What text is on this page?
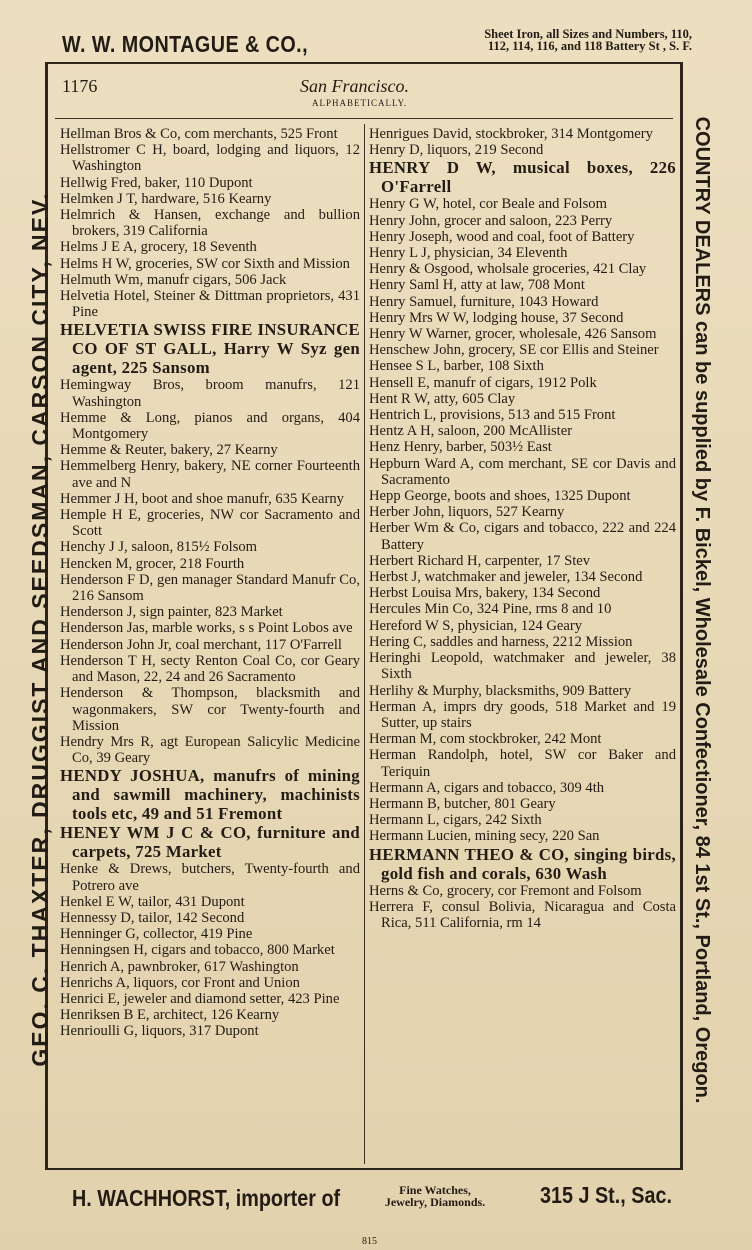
W. W. MONTAGUE & CO.,	Sheet Iron, all Sizes and Numbers, 110,
112, 114, 116, and 118 Battery St , S. F.
GEO. C. THAXTER, DRUGGIST AND SEEDSMAN, CARSON CITY, NEV.	COUNTRY DEALERS can be supplied by F. Bickel, Wholesale Confectioner, 84 1st St., Portland, Oregon.
1176	San Francisco.
ALPHABETICALLY.

Hellman Bros & Co, com merchants, 525 Front

Hellstromer C H, board, lodging and liquors, 12 Washington

Hellwig Fred, baker, 110 Dupont

Helmken J T, hardware, 516 Kearny

Helmrich & Hansen, exchange and bullion brokers, 319 California

Helms J E A, grocery, 18 Seventh

Helms H W, groceries, SW cor Sixth and Mission

Helmuth Wm, manufr cigars, 506 Jack

Helvetia Hotel, Steiner & Dittman proprietors, 431 Pine

HELVETIA SWISS FIRE INSURANCE CO OF ST GALL, Harry W Syz gen agent, 225 Sansom

Hemingway Bros, broom manufrs, 121 Washington

Hemme & Long, pianos and organs, 404 Montgomery

Hemme & Reuter, bakery, 27 Kearny

Hemmelberg Henry, bakery, NE corner Fourteenth ave and N

Hemmer J H, boot and shoe manufr, 635 Kearny

Hemple H E, groceries, NW cor Sacramento and Scott

Henchy J J, saloon, 815½ Folsom

Hencken M, grocer, 218 Fourth

Henderson F D, gen manager Standard Manufr Co, 216 Sansom

Henderson J, sign painter, 823 Market

Henderson Jas, marble works, s s Point Lobos ave

Henderson John Jr, coal merchant, 117 O'Farrell

Henderson T H, secty Renton Coal Co, cor Geary and Mason, 22, 24 and 26 Sacramento

Henderson & Thompson, blacksmith and wagonmakers, SW cor Twenty-fourth and Mission

Hendry Mrs R, agt European Salicylic Medicine Co, 39 Geary

HENDY JOSHUA, manufrs of mining and sawmill machinery, machinists tools etc, 49 and 51 Fremont

HENEY WM J C & CO, furniture and carpets, 725 Market

Henke & Drews, butchers, Twenty-fourth and Potrero ave

Henkel E W, tailor, 431 Dupont

Hennessy D, tailor, 142 Second

Henninger G, collector, 419 Pine

Henningsen H, cigars and tobacco, 800 Market

Henrich A, pawnbroker, 617 Washington

Henrichs A, liquors, cor Front and Union

Henrici E, jeweler and diamond setter, 423 Pine

Henriksen B E, architect, 126 Kearny

Henrioulli G, liquors, 317 Dupont

Henrigues David, stockbroker, 314 Montgomery

Henry D, liquors, 219 Second

HENRY D W, musical boxes, 226 O'Farrell

Henry G W, hotel, cor Beale and Folsom

Henry John, grocer and saloon, 223 Perry

Henry Joseph, wood and coal, foot of Battery

Henry L J, physician, 34 Eleventh

Henry & Osgood, wholsale groceries, 421 Clay

Henry Saml H, atty at law, 708 Mont

Henry Samuel, furniture, 1043 Howard

Henry Mrs W W, lodging house, 37 Second

Henry W Warner, grocer, wholesale, 426 Sansom

Henschew John, grocery, SE cor Ellis and Steiner

Hensee S L, barber, 108 Sixth

Hensell E, manufr of cigars, 1912 Polk

Hent R W, atty, 605 Clay

Hentrich L, provisions, 513 and 515 Front

Hentz A H, saloon, 200 McAllister

Henz Henry, barber, 503½ East

Hepburn Ward A, com merchant, SE cor Davis and Sacramento

Hepp George, boots and shoes, 1325 Dupont

Herber John, liquors, 527 Kearny

Herber Wm & Co, cigars and tobacco, 222 and 224 Battery

Herbert Richard H, carpenter, 17 Stev

Herbst J, watchmaker and jeweler, 134 Second

Herbst Louisa Mrs, bakery, 134 Second

Hercules Min Co, 324 Pine, rms 8 and 10

Hereford W S, physician, 124 Geary

Hering C, saddles and harness, 2212 Mission

Heringhi Leopold, watchmaker and jeweler, 38 Sixth

Herlihy & Murphy, blacksmiths, 909 Battery

Herman A, imprs dry goods, 518 Market and 19 Sutter, up stairs

Herman M, com stockbroker, 242 Mont

Herman Randolph, hotel, SW cor Baker and Teriquin

Hermann A, cigars and tobacco, 309 4th

Hermann B, butcher, 801 Geary

Hermann L, cigars, 242 Sixth

Hermann Lucien, mining secy, 220 San

HERMANN THEO & CO, singing birds, gold fish and corals, 630 Wash

Herns & Co, grocery, cor Fremont and Folsom

Herrera F, consul Bolivia, Nicaragua and Costa Rica, 511 California, rm 14

H. WACHHORST, importer of	Fine Watches,
Jewelry, Diamonds.	315 J St., Sac.
815
